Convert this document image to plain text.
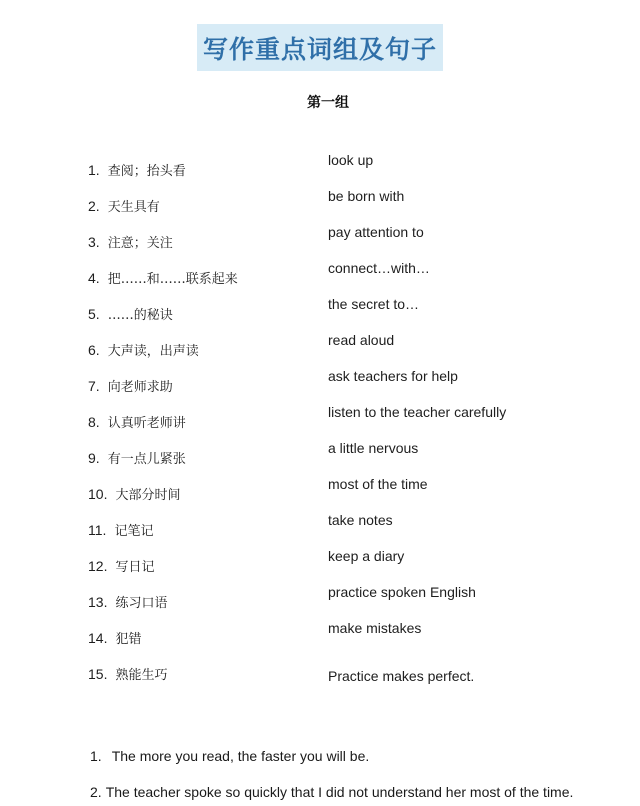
写作重点词组及句子
第一组
1. 查阅；抬头看
look up
2. 天生具有
be born with
3. 注意；关注
pay attention to
4. 把……和……联系起来
connect…with…
5. ……的秘诀
the secret to…
6. 大声读，出声读
read aloud
7. 向老师求助
ask teachers for help
8. 认真听老师讲
listen to the teacher carefully
9. 有一点儿紧张
a little nervous
10. 大部分时间
most of the time
11. 记笔记
take notes
12. 写日记
keep a diary
13. 练习口语
practice spoken English
14. 犯错
make mistakes
15. 熟能生巧	Practice makes perfect.
1. The more you read, the faster you will be.
2. The teacher spoke so quickly that I did not understand her most of the time.
